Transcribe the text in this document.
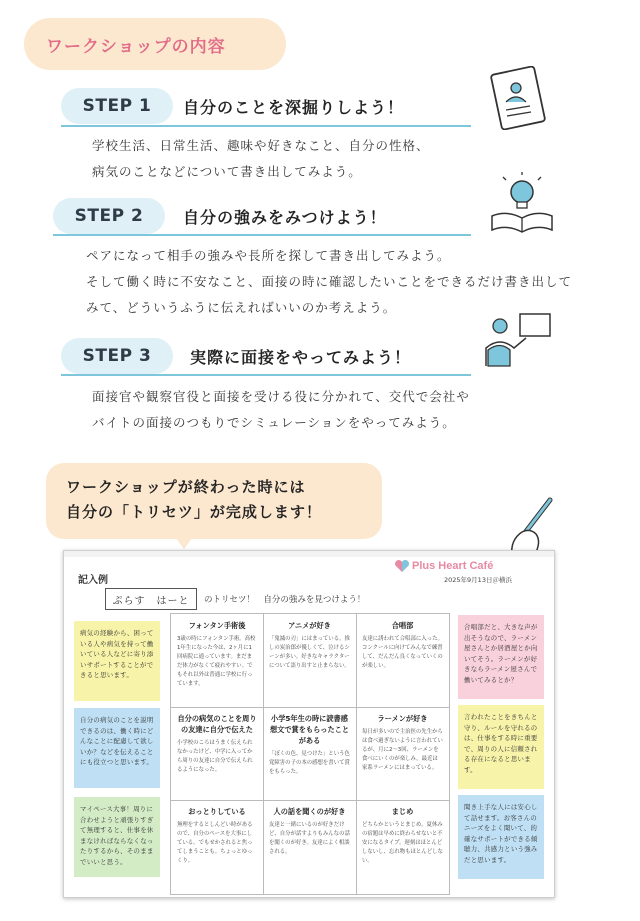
ワークショップの内容
STEP 1	自分のことを深掘りしよう！
学校生活、日常生活、趣味や好きなこと、自分の性格、
病気のことなどについて書き出してみよう。
STEP 2	自分の強みをみつけよう！
ペアになって相手の強みや長所を探して書き出してみよう。
そして働く時に不安なこと、面接の時に確認したいことをできるだけ書き出して
みて、どういうふうに伝えればいいのか考えよう。
STEP 3	実際に面接をやってみよう！
面接官や観察官役と面接を受ける役に分かれて、交代で会社や
バイトの面接のつもりでシミュレーションをやってみよう。
ワークショップが終わった時には
自分の「トリセツ」が完成します！
記入例
ぷらす　はーと	のトリセツ！　自分の強みを見つけよう！
Plus Heart Café
2025年9月13日＠横浜
病気の経験から、困っている人や病気を持って働いている人などに寄り添いサポートすることができると思います。
自分の病気のことを説明できるのは、働く時にどんなことに配慮して欲しいか？などを伝えることにも役立つと思います。
マイペース大事！周りに合わせようと頑張りすぎて無理すると、仕事を休まなければならなくなったりするから、そのままでいいと思う。
合唱部だと、大きな声が出そうなので、ラーメン屋さんとか居酒屋とか向いてそう。ラーメンが好きならラーメン屋さんで働いてみるとか？
言われたことをきちんと守り、ルールを守れるのは、仕事をする時に重要で、周りの人に信頼される存在になると思います。
聞き上手な人には安心して話せます。お客さんのニーズをよく聞いて、的確なサポートができる傾聴力、共感力という強みだと思います。
フォンタン手術後
3歳の時にフォンタン手術。高校1年生になった今は、2ヶ月に1回病院に通っています。まだまだ体力がなくて疲れやすい。でもそれ以外は普通に学校に行っています。
アニメが好き
「鬼滅の刃」にはまっている。推しの炭治郎が優しくて、泣けるシーンが多い。好きなキャラクターについて語り出すと止まらない。
合唱部
友達に誘われて合唱部に入った。コンクールに向けてみんなで練習して、だんだん良くなっていくのが楽しい。
自分の病気のことを周りの友達に自分で伝えた
小学校のころはうまく伝えられなかったけど、中学に入ってから周りの友達に自分で伝えられるようになった。
小学5年生の時に読書感想文で賞をもらったことがある
「ぼくの色、見つけた」という色覚障害の子の本の感想を書いて賞をもらった。
ラーメンが好き
毎日が多いので主治医の先生からは食べ過ぎないように言われているが、月に2〜3回、ラーメンを食べにいくのが楽しみ。最近は家系ラーメンにはまっている。
おっとりしている
無理をするとしんどい時があるので、自分のペースを大事にしている。でもせかされると焦ってしまうことも。ちょっとゆっくり。
人の話を聞くのが好き
友達と一緒にいるのが好きだけど、自分が話すよりもみんなの話を聞くのが好き。友達によく相談される。
まじめ
どちらかというとまじめ。夏休みの宿題は早めに終わらせないと不安になるタイプ。遅刻はほとんどしないし、忘れ物もほとんどしない。
